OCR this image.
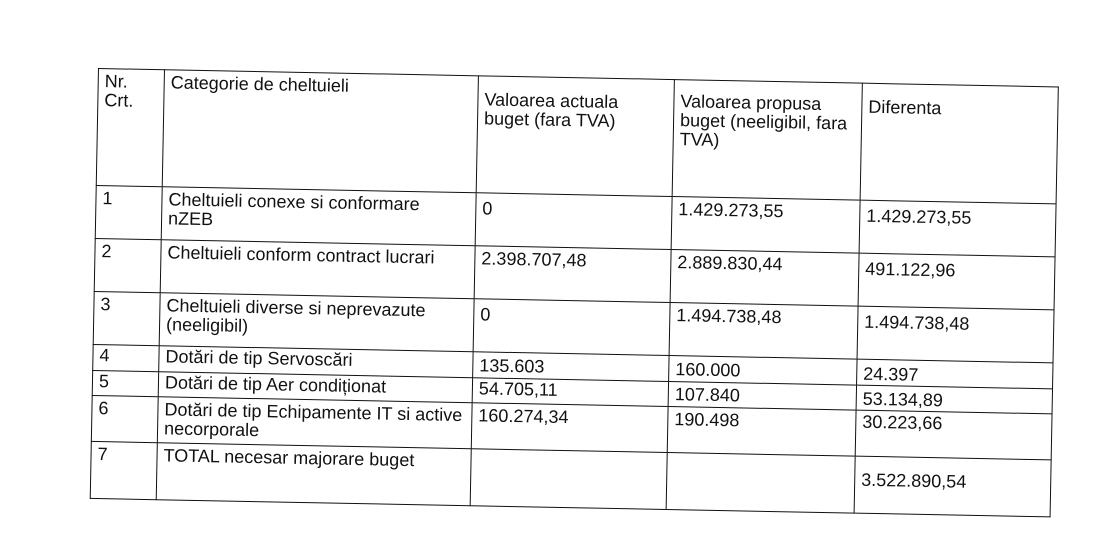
Nr. Crt.	Categorie de cheltuieli	Valoarea actuala buget (fara TVA)	Valoarea propusa buget (neeligibil, fara TVA)	Diferenta
1	Cheltuieli conexe si conformare nZEB	0	1.429.273,55	1.429.273,55
2	Cheltuieli conform contract lucrari	2.398.707,48	2.889.830,44	491.122,96
3	Cheltuieli diverse si neprevazute (neeligibil)	0	1.494.738,48	1.494.738,48
4	Dotări de tip Servoscări	135.603	160.000	24.397
5	Dotări de tip Aer condiționat	54.705,11	107.840	53.134,89
6	Dotări de tip Echipamente IT si active necorporale	160.274,34	190.498	30.223,66
7	TOTAL necesar majorare buget			3.522.890,54
